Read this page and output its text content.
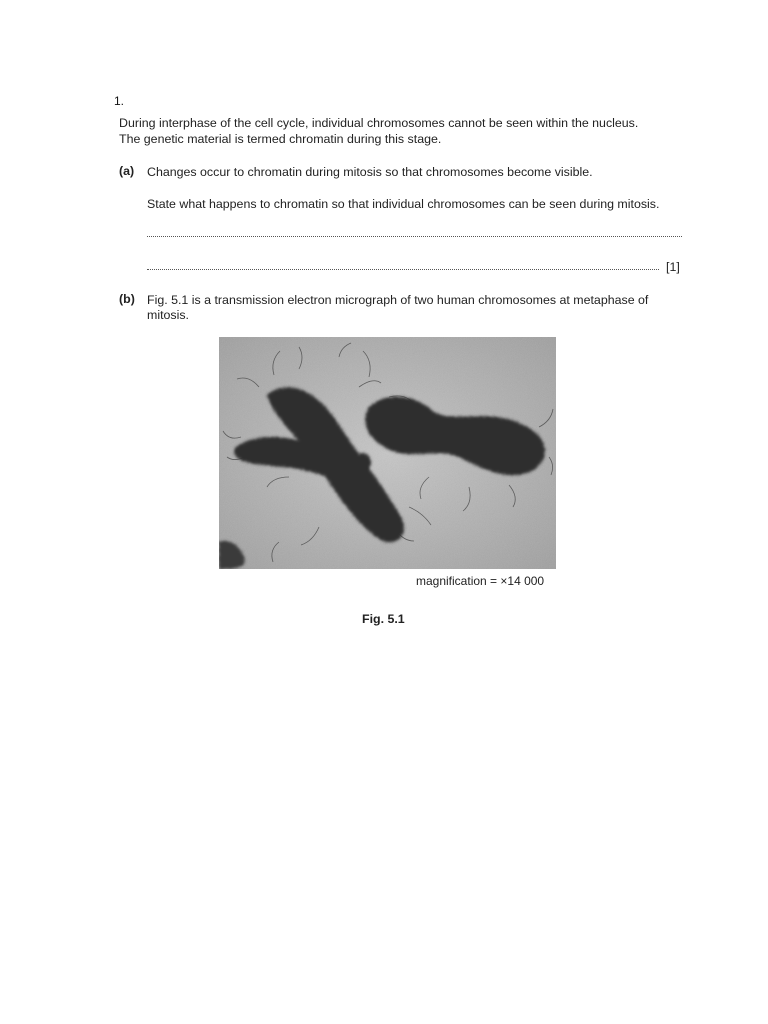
1.

During interphase of the cell cycle, individual chromosomes cannot be seen within the nucleus.

The genetic material is termed chromatin during this stage.

(a) Changes occur to chromatin during mitosis so that chromosomes become visible.
State what happens to chromatin so that individual chromosomes can be seen during mitosis.
[1]
(b) Fig. 5.1 is a transmission electron micrograph of two human chromosomes at metaphase of
mitosis.
magnification = ×14 000
Fig. 5.1
